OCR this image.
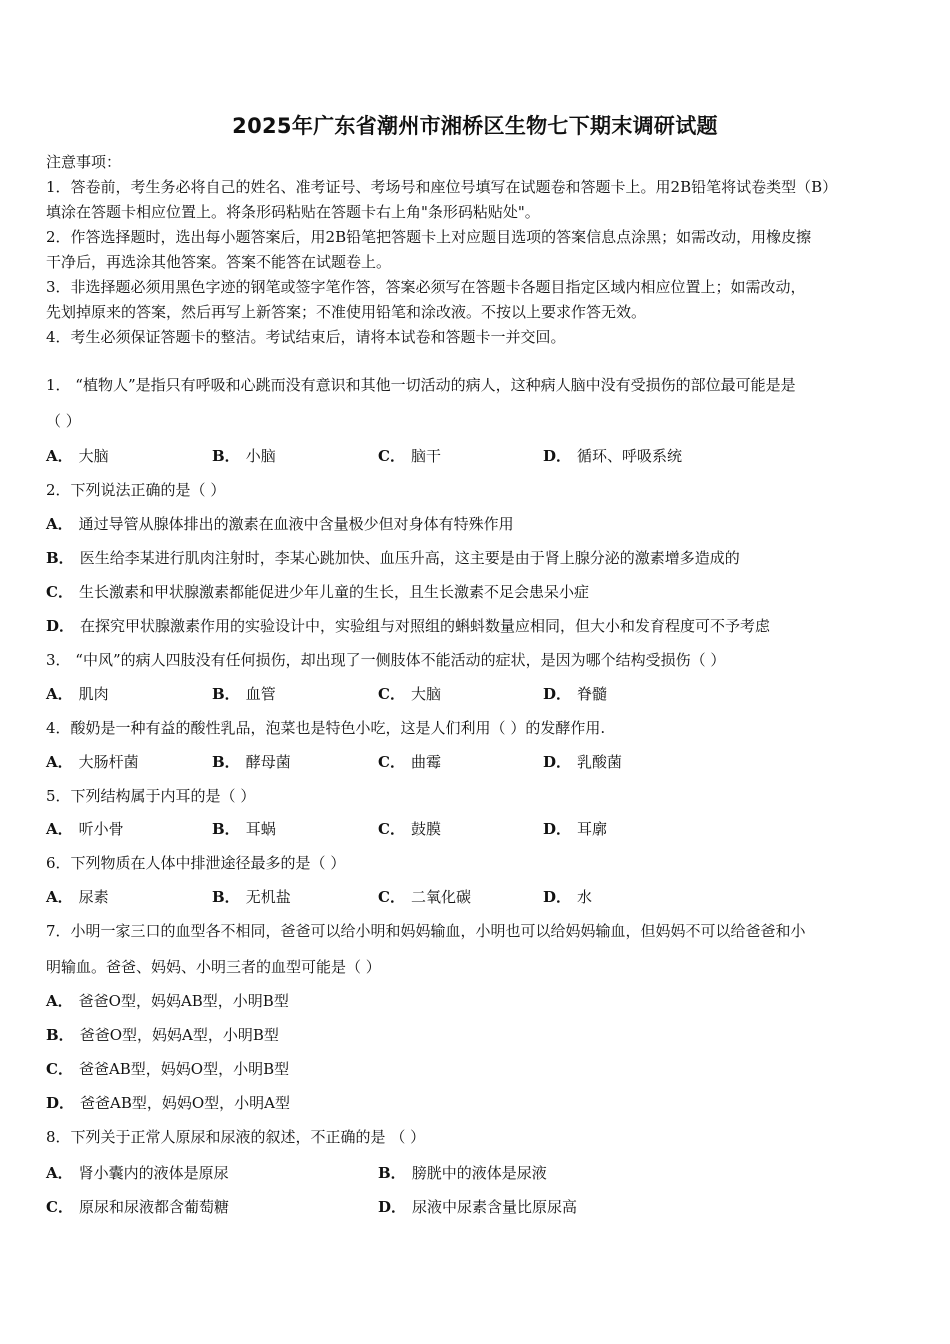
2025年广东省潮州市湘桥区生物七下期末调研试题
注意事项：
1．答卷前，考生务必将自己的姓名、准考证号、考场号和座位号填写在试题卷和答题卡上。用2B铅笔将试卷类型（B）
填涂在答题卡相应位置上。将条形码粘贴在答题卡右上角"条形码粘贴处"。
2．作答选择题时，选出每小题答案后，用2B铅笔把答题卡上对应题目选项的答案信息点涂黑；如需改动，用橡皮擦
干净后，再选涂其他答案。答案不能答在试题卷上。
3．非选择题必须用黑色字迹的钢笔或签字笔作答，答案必须写在答题卡各题目指定区域内相应位置上；如需改动，
先划掉原来的答案，然后再写上新答案；不准使用铅笔和涂改液。不按以上要求作答无效。
4．考生必须保证答题卡的整洁。考试结束后，请将本试卷和答题卡一并交回。
1． “植物人”是指只有呼吸和心跳而没有意识和其他一切活动的病人，这种病人脑中没有受损伤的部位最可能是是
（ ）
A． 大脑	B． 小脑	C． 脑干	D． 循环、呼吸系统
2．下列说法正确的是（ ）
A． 通过导管从腺体排出的激素在血液中含量极少但对身体有特殊作用
B． 医生给李某进行肌肉注射时，李某心跳加快、血压升高，这主要是由于肾上腺分泌的激素增多造成的
C． 生长激素和甲状腺激素都能促进少年儿童的生长，且生长激素不足会患呆小症
D． 在探究甲状腺激素作用的实验设计中，实验组与对照组的蝌蚪数量应相同，但大小和发育程度可不予考虑
3． “中风”的病人四肢没有任何损伤，却出现了一侧肢体不能活动的症状，是因为哪个结构受损伤（ ）
A． 肌肉	B． 血管	C． 大脑	D． 脊髓
4．酸奶是一种有益的酸性乳品，泡菜也是特色小吃，这是人们利用（ ）的发酵作用.
A． 大肠杆菌	B． 酵母菌	C． 曲霉	D． 乳酸菌
5．下列结构属于内耳的是（ ）
A． 听小骨	B． 耳蜗	C． 鼓膜	D． 耳廓
6．下列物质在人体中排泄途径最多的是（ ）
A． 尿素	B． 无机盐	C． 二氧化碳	D． 水
7．小明一家三口的血型各不相同，爸爸可以给小明和妈妈输血，小明也可以给妈妈输血，但妈妈不可以给爸爸和小
明输血。爸爸、妈妈、小明三者的血型可能是（ ）
A． 爸爸O型，妈妈AB型，小明B型
B． 爸爸O型，妈妈A型，小明B型
C． 爸爸AB型，妈妈O型，小明B型
D． 爸爸AB型，妈妈O型，小明A型
8．下列关于正常人原尿和尿液的叙述，不正确的是 （ ）
A． 肾小囊内的液体是原尿	B． 膀胱中的液体是尿液
C． 原尿和尿液都含葡萄糖	D． 尿液中尿素含量比原尿高
